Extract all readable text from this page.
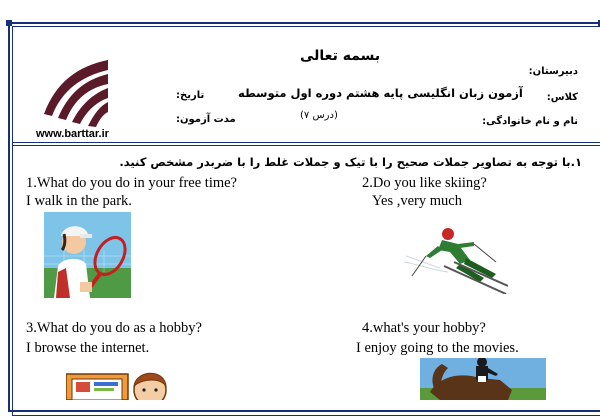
بسمه تعالی
دبیرستان:
کلاس:
نام و نام خانوادگی:
آزمون زبان انگلیسی پایه هشتم دوره اول متوسطه
(درس ۷)
تاریخ:
مدت آزمون:
www.barttar.ir
۱.با توجه به تصاویر جملات صحیح را با تیک و جملات غلط را با ضربدر مشخص کنید.
1.What do you do in your free time?
I walk in the park.
2.Do you like skiing?
Yes ,very much
3.What do you do as a hobby?
I browse the internet.
4.what's your hobby?
I enjoy going to the movies.
